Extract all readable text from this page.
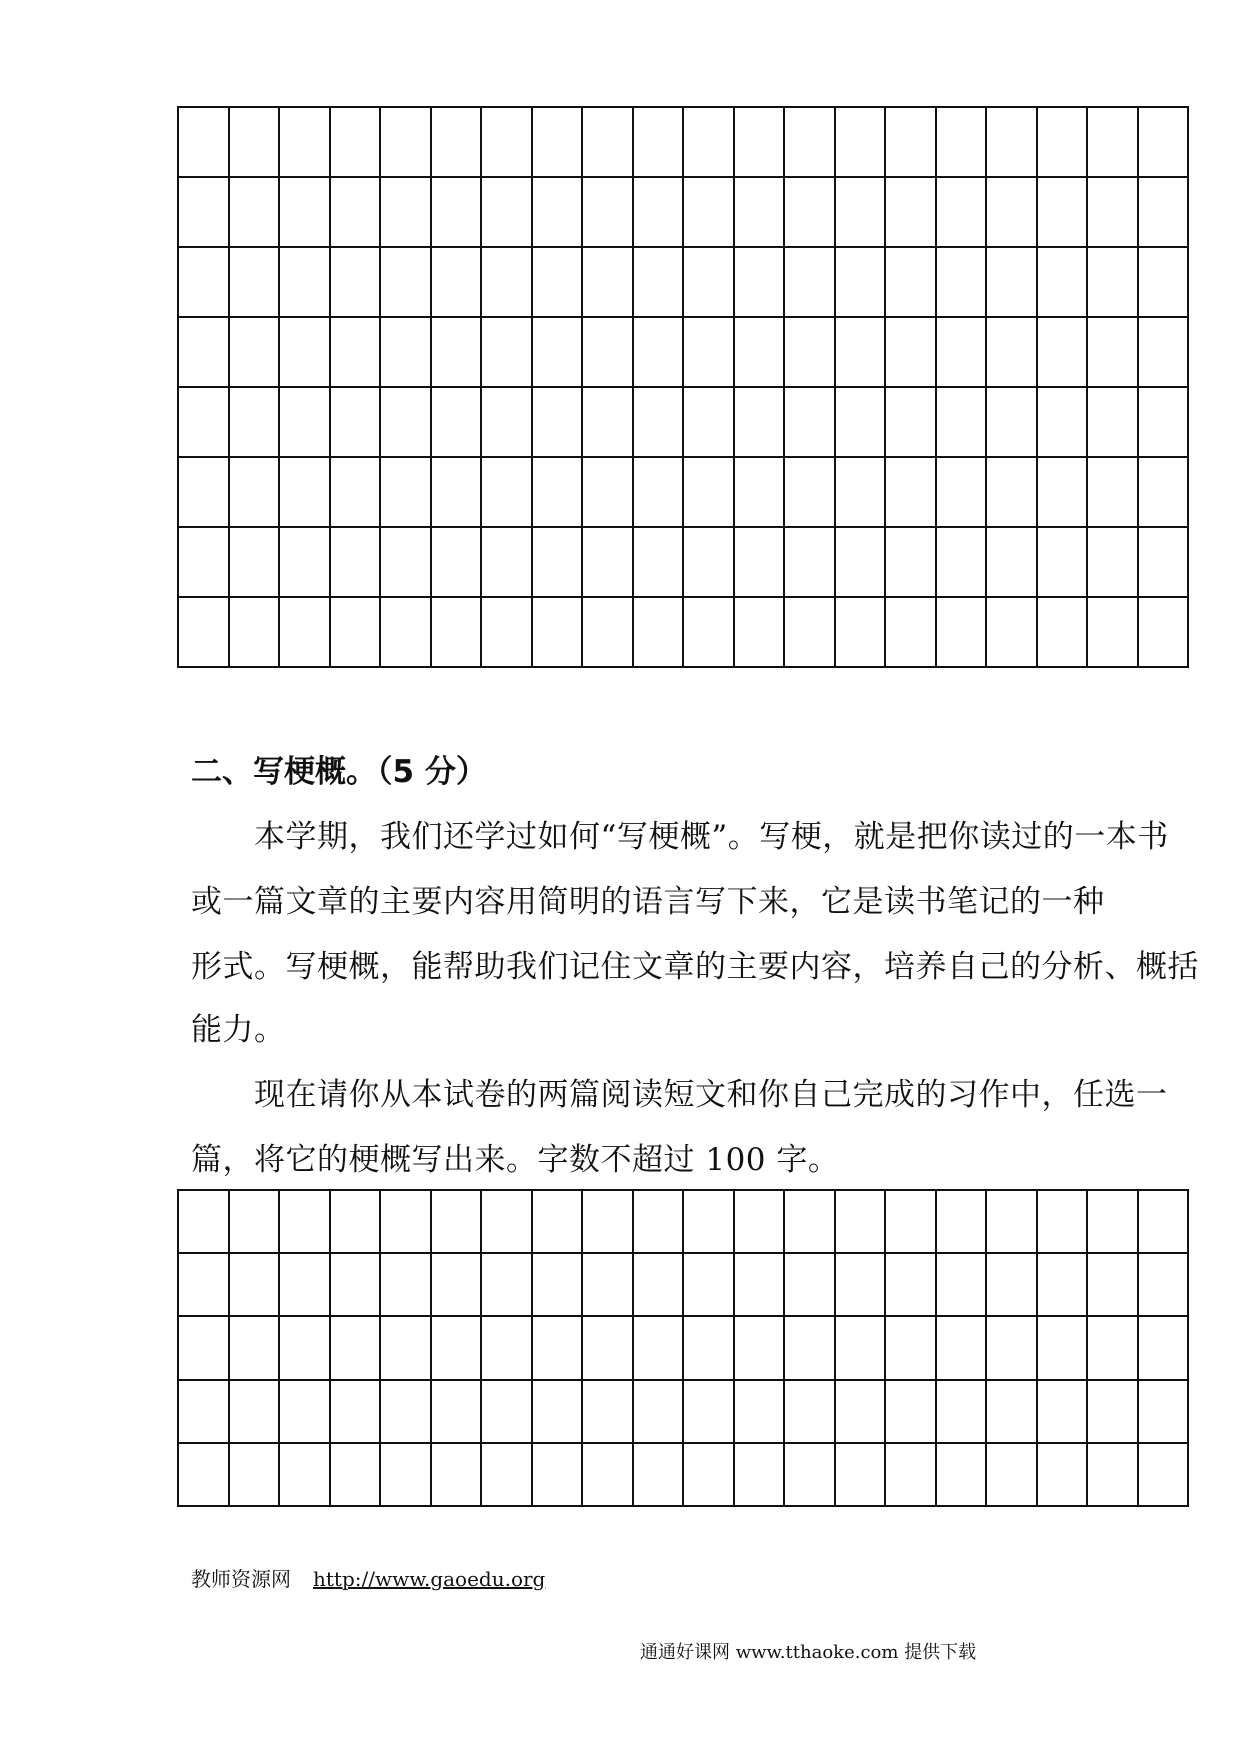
二、写梗概。（5 分）
　　本学期，我们还学过如何“写梗概”。写梗，就是把你读过的一本书
或一篇文章的主要内容用简明的语言写下来，它是读书笔记的一种
形式。写梗概，能帮助我们记住文章的主要内容，培养自己的分析、概括
能力。
　　现在请你从本试卷的两篇阅读短文和你自己完成的习作中，任选一
篇，将它的梗概写出来。字数不超过 100 字。
教师资源网 http://www.gaoedu.org
通通好课网 www.tthaoke.com 提供下载
